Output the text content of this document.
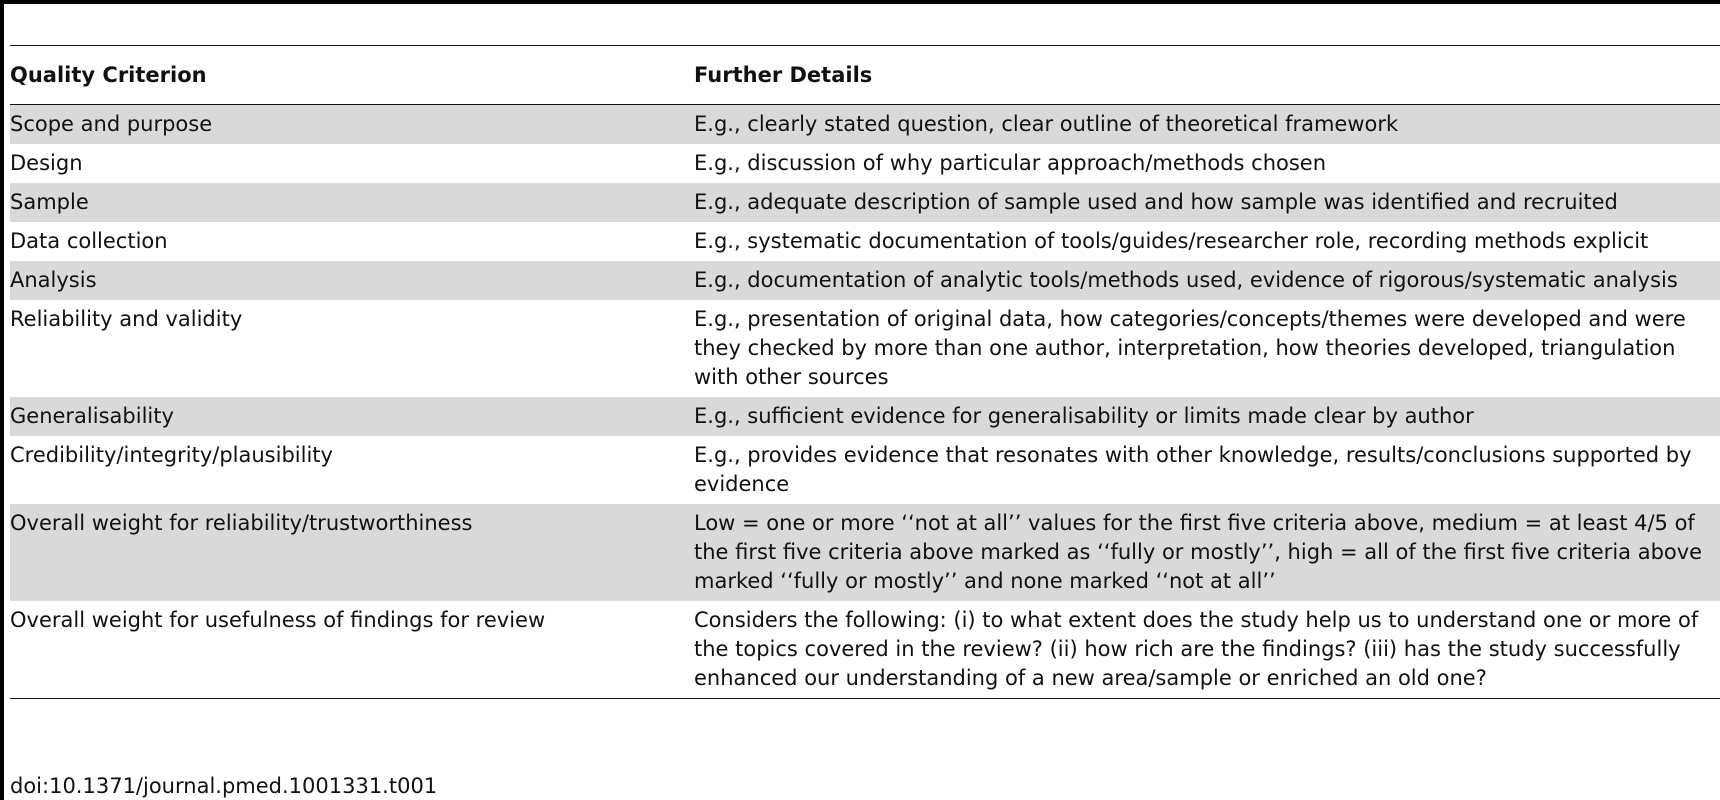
Quality Criterion	Further Details
Scope and purpose	E.g., clearly stated question, clear outline of theoretical framework
Design	E.g., discussion of why particular approach/methods chosen
Sample	E.g., adequate description of sample used and how sample was identified and recruited
Data collection	E.g., systematic documentation of tools/guides/researcher role, recording methods explicit
Analysis	E.g., documentation of analytic tools/methods used, evidence of rigorous/systematic analysis
Reliability and validity	E.g., presentation of original data, how categories/concepts/themes were developed and were they checked by more than one author, interpretation, how theories developed, triangulation with other sources
Generalisability	E.g., sufficient evidence for generalisability or limits made clear by author
Credibility/integrity/plausibility	E.g., provides evidence that resonates with other knowledge, results/conclusions supported by evidence
Overall weight for reliability/trustworthiness	Low = one or more ‘‘not at all’’ values for the first five criteria above, medium = at least 4/5 of the first five criteria above marked as ‘‘fully or mostly’’, high = all of the first five criteria above marked ‘‘fully or mostly’’ and none marked ‘‘not at all’’
Overall weight for usefulness of findings for review	Considers the following: (i) to what extent does the study help us to understand one or more of the topics covered in the review? (ii) how rich are the findings? (iii) has the study successfully enhanced our understanding of a new area/sample or enriched an old one?
doi:10.1371/journal.pmed.1001331.t001
